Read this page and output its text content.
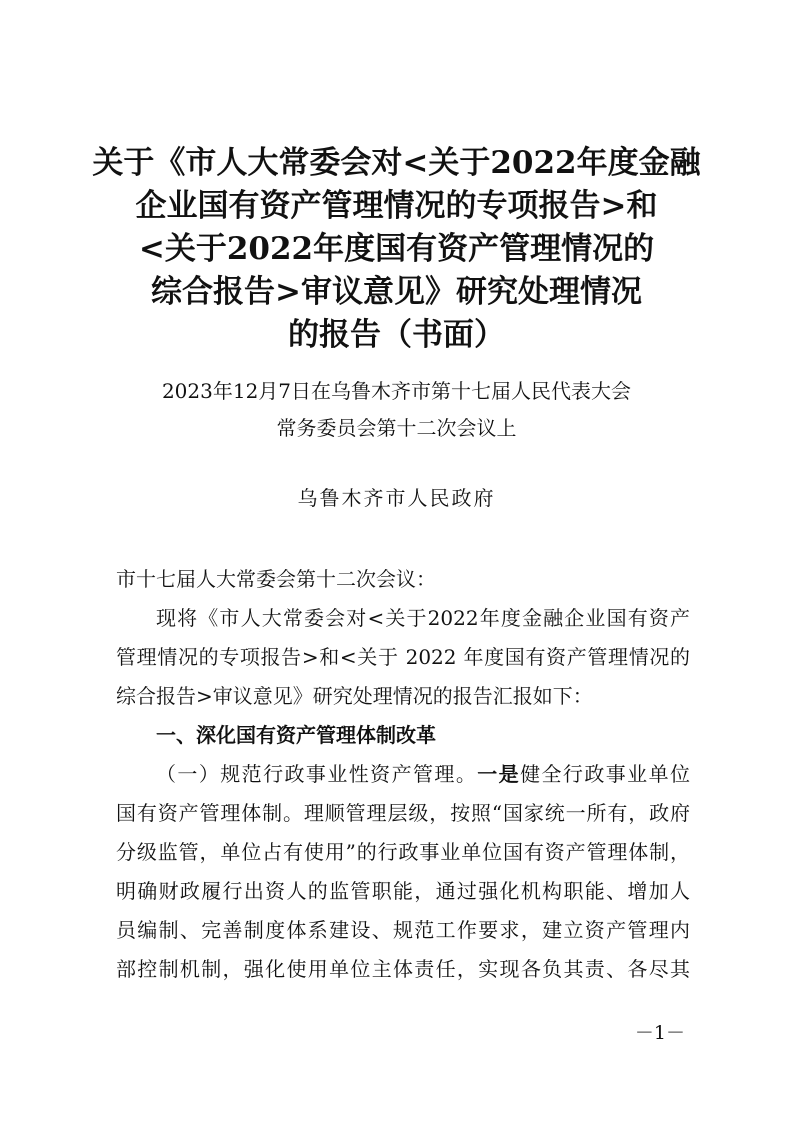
关于《市人大常委会对<关于2022年度金融
企业国有资产管理情况的专项报告>和
<关于2022年度国有资产管理情况的
综合报告>审议意见》研究处理情况
的报告（书面）
2023年12月7日在乌鲁木齐市第十七届人民代表大会
常务委员会第十二次会议上
乌鲁木齐市人民政府
市十七届人大常委会第十二次会议：
现将《市人大常委会对<关于2022年度金融企业国有资产
管理情况的专项报告>和<关于 2022 年度国有资产管理情况的
综合报告>审议意见》研究处理情况的报告汇报如下：
一、深化国有资产管理体制改革
（一）规范行政事业性资产管理。一是健全行政事业单位
国有资产管理体制。理顺管理层级，按照“国家统一所有，政府
分级监管，单位占有使用”的行政事业单位国有资产管理体制，
明确财政履行出资人的监管职能，通过强化机构职能、增加人
员编制、完善制度体系建设、规范工作要求，建立资产管理内
部控制机制，强化使用单位主体责任，实现各负其责、各尽其
－1－
